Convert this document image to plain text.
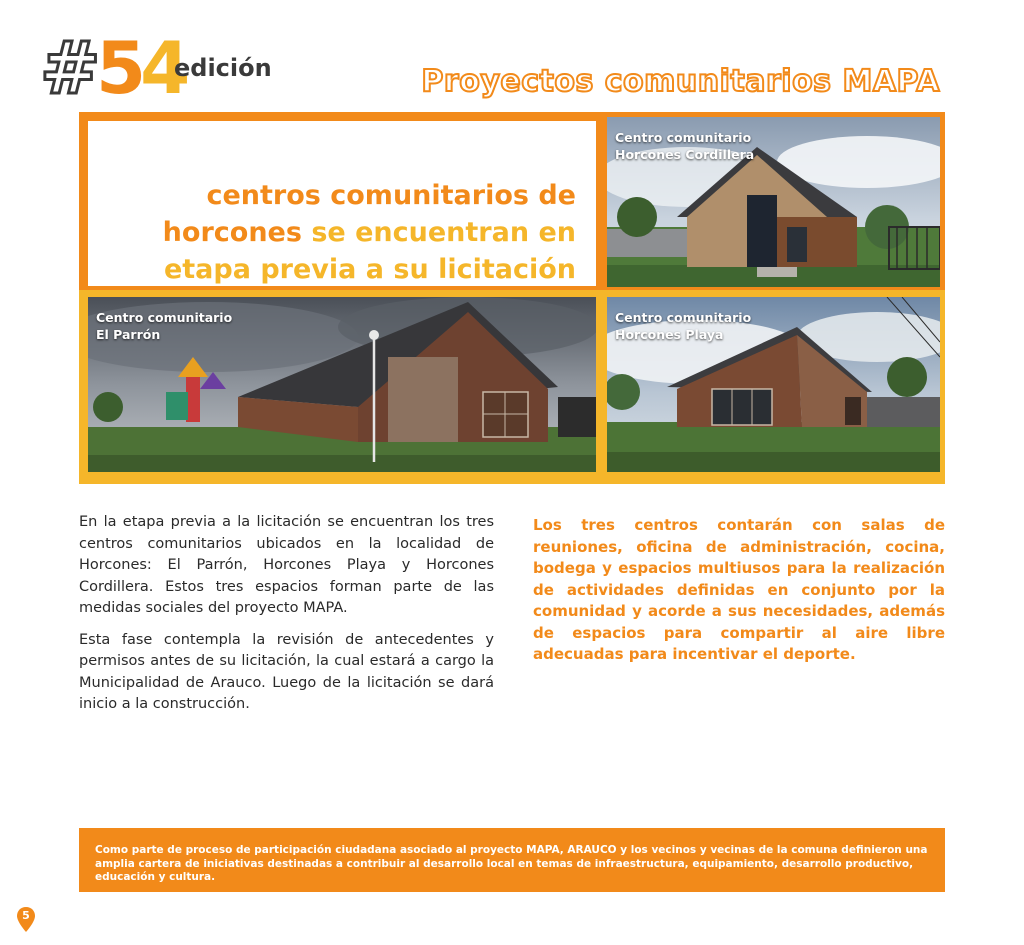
# 54
edición	Proyectos comunitarios MAPA
centros comunitarios de
horcones se encuentran en
etapa previa a su licitación
Centro comunitario
Horcones Cordillera
Centro comunitario
El Parrón
Centro comunitario
Horcones Playa

En la etapa previa a la licitación se encuentran los tres centros comunitarios ubicados en la localidad de Horcones: El Parrón, Horcones Playa y Horcones Cordillera. Estos tres espacios forman parte de las medidas sociales del proyecto MAPA.

Esta fase contempla la revisión de antecedentes y permisos antes de su licitación, la cual estará a cargo la Municipalidad de Arauco. Luego de la licitación se dará inicio a la construcción.

Los tres centros contarán con salas de reuniones, oficina de administración, cocina, bodega y espacios multiusos para la realización de actividades definidas en conjunto por la comunidad y acorde a sus necesidades, además de espacios para compartir al aire libre adecuadas para incentivar el deporte.
Como parte de proceso de participación ciudadana asociado al proyecto MAPA, ARAUCO y los vecinos y vecinas de la comuna definieron una amplia cartera de iniciativas destinadas a contribuir al desarrollo local en temas de infraestructura, equipamiento, desarrollo productivo, educación y cultura.
5
